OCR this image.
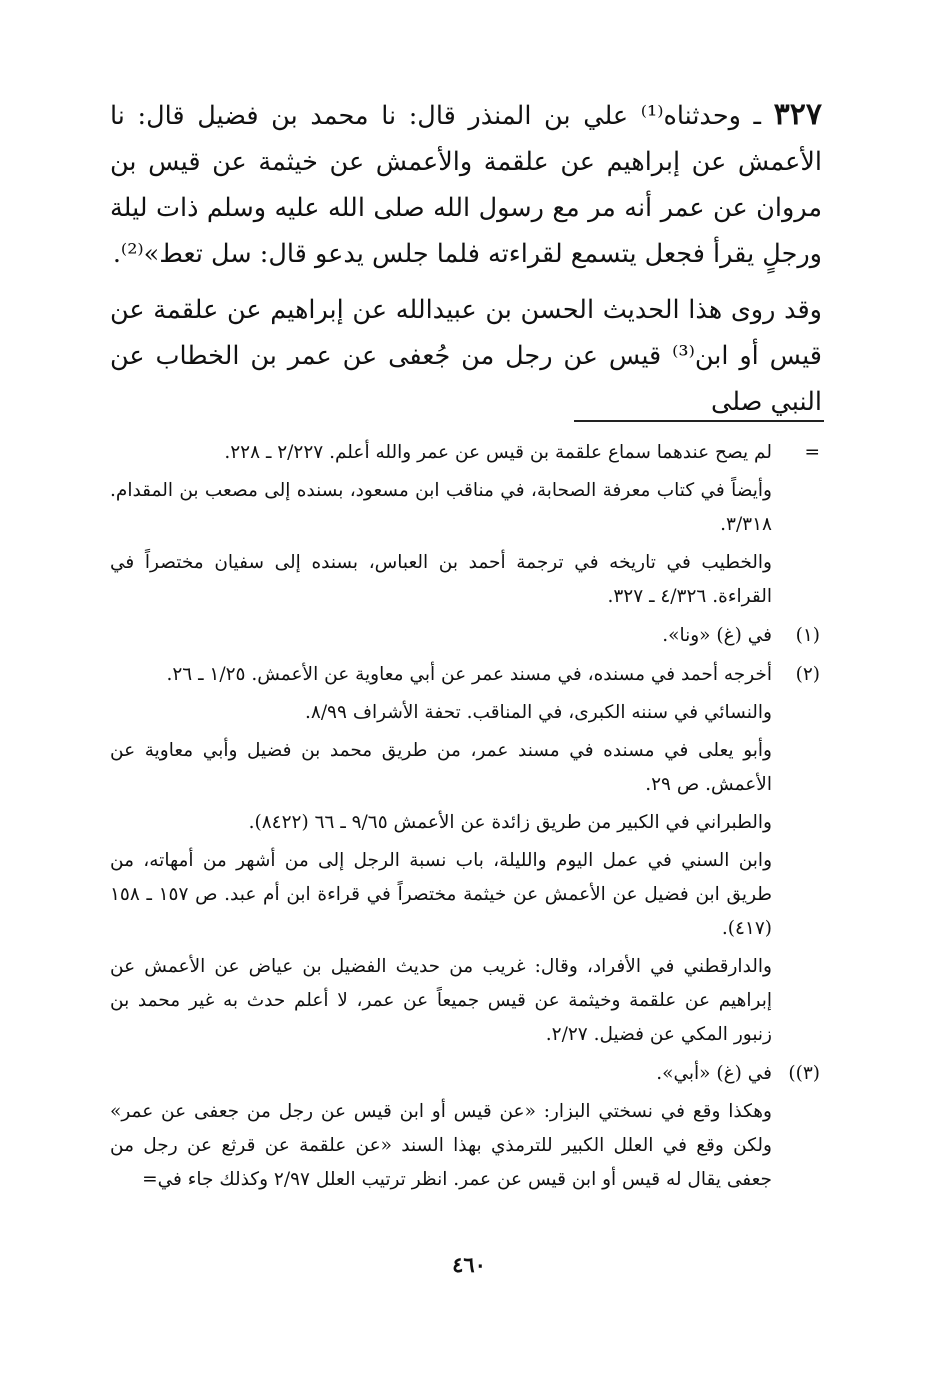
٣٢٧ ـ وحدثناه⁽¹⁾ علي بن المنذر قال: نا محمد بن فضيل قال: نا الأعمش عن إبراهيم عن علقمة والأعمش عن خيثمة عن قيس بن مروان عن عمر أنه مر مع رسول الله صلى الله عليه وسلم ذات ليلة ورجلٍ يقرأ فجعل يتسمع لقراءته فلما جلس يدعو قال: سل تعط»⁽²⁾.

وقد روى هذا الحديث الحسن بن عبيدالله عن إبراهيم عن علقمة عن قيس أو ابن⁽³⁾ قيس عن رجل من جُعفى عن عمر بن الخطاب عن النبي صلى

=
لم يصح عندهما سماع علقمة بن قيس عن عمر والله أعلم. ٢/٢٢٧ ـ ٢٢٨.
وأيضاً في كتاب معرفة الصحابة، في مناقب ابن مسعود، بسنده إلى مصعب بن المقدام. ٣/٣١٨.
والخطيب في تاريخه في ترجمة أحمد بن العباس، بسنده إلى سفيان مختصراً في القراءة. ٤/٣٢٦ ـ ٣٢٧.
(١)
في (غ) «ونا».
(٢)
أخرجه أحمد في مسنده، في مسند عمر عن أبي معاوية عن الأعمش. ١/٢٥ ـ ٢٦.
والنسائي في سننه الكبرى، في المناقب. تحفة الأشراف ٨/٩٩.
وأبو يعلى في مسنده في مسند عمر، من طريق محمد بن فضيل وأبي معاوية عن الأعمش. ص ٢٩.
والطبراني في الكبير من طريق زائدة عن الأعمش ٩/٦٥ ـ ٦٦ (٨٤٢٢).
وابن السني في عمل اليوم والليلة، باب نسبة الرجل إلى من أشهر من أمهاته، من طريق ابن فضيل عن الأعمش عن خيثمة مختصراً في قراءة ابن أم عبد. ص ١٥٧ ـ ١٥٨ (٤١٧).
والدارقطني في الأفراد، وقال: غريب من حديث الفضيل بن عياض عن الأعمش عن إبراهيم عن علقمة وخيثمة عن قيس جميعاً عن عمر، لا أعلم حدث به غير محمد بن زنبور المكي عن فضيل. ٢/٢٧.
(٣))
في (غ) «أبي».
وهكذا وقع في نسختي البزار: «عن قيس أو ابن قيس عن رجل من جعفى عن عمر» ولكن وقع في العلل الكبير للترمذي بهذا السند «عن علقمة عن قرثع عن رجل من جعفى يقال له قيس أو ابن قيس عن عمر. انظر ترتيب العلل ٢/٩٧ وكذلك جاء في=
٤٦٠
